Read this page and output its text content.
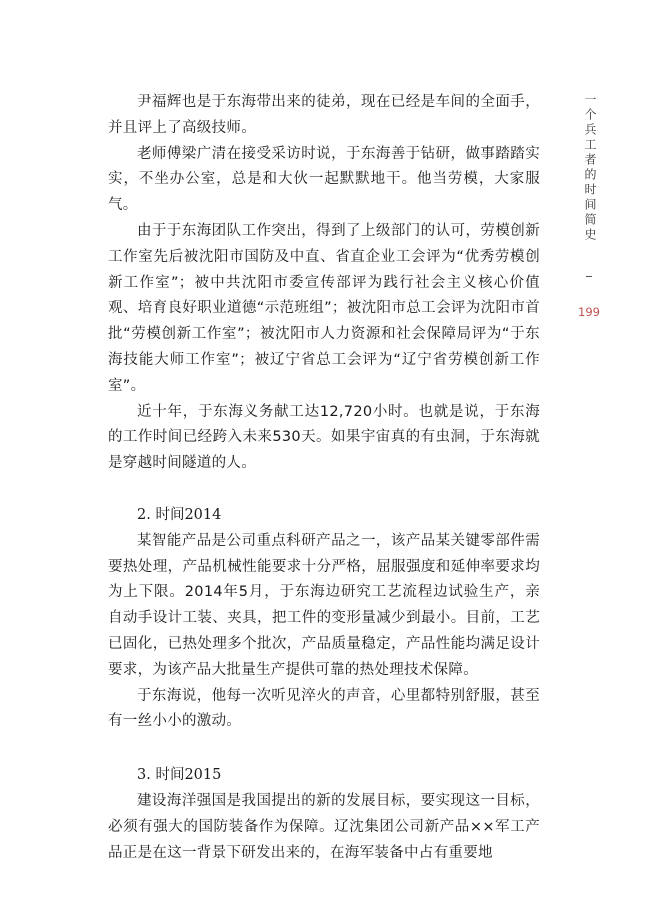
尹福辉也是于东海带出来的徒弟，现在已经是车间的全面手，并且评上了高级技师。

老师傅梁广清在接受采访时说，于东海善于钻研，做事踏踏实实，不坐办公室，总是和大伙一起默默地干。他当劳模，大家服气。

由于于东海团队工作突出，得到了上级部门的认可，劳模创新工作室先后被沈阳市国防及中直、省直企业工会评为“优秀劳模创新工作室”；被中共沈阳市委宣传部评为践行社会主义核心价值观、培育良好职业道德“示范班组”；被沈阳市总工会评为沈阳市首批“劳模创新工作室”；被沈阳市人力资源和社会保障局评为“于东海技能大师工作室”；被辽宁省总工会评为“辽宁省劳模创新工作室”。

近十年，于东海义务献工达12,720小时。也就是说，于东海的工作时间已经跨入未来530天。如果宇宙真的有虫洞，于东海就是穿越时间隧道的人。

2. 时间2014

某智能产品是公司重点科研产品之一，该产品某关键零部件需要热处理，产品机械性能要求十分严格，屈服强度和延伸率要求均为上下限。2014年5月，于东海边研究工艺流程边试验生产，亲自动手设计工装、夹具，把工件的变形量减少到最小。目前，工艺已固化，已热处理多个批次，产品质量稳定，产品性能均满足设计要求，为该产品大批量生产提供可靠的热处理技术保障。

于东海说，他每一次听见淬火的声音，心里都特别舒服，甚至有一丝小小的激动。

3. 时间2015

建设海洋强国是我国提出的新的发展目标，要实现这一目标，必须有强大的国防装备作为保障。辽沈集团公司新产品××军工产品正是在这一背景下研发出来的，在海军装备中占有重要地

一个兵工者的时间简史
199
